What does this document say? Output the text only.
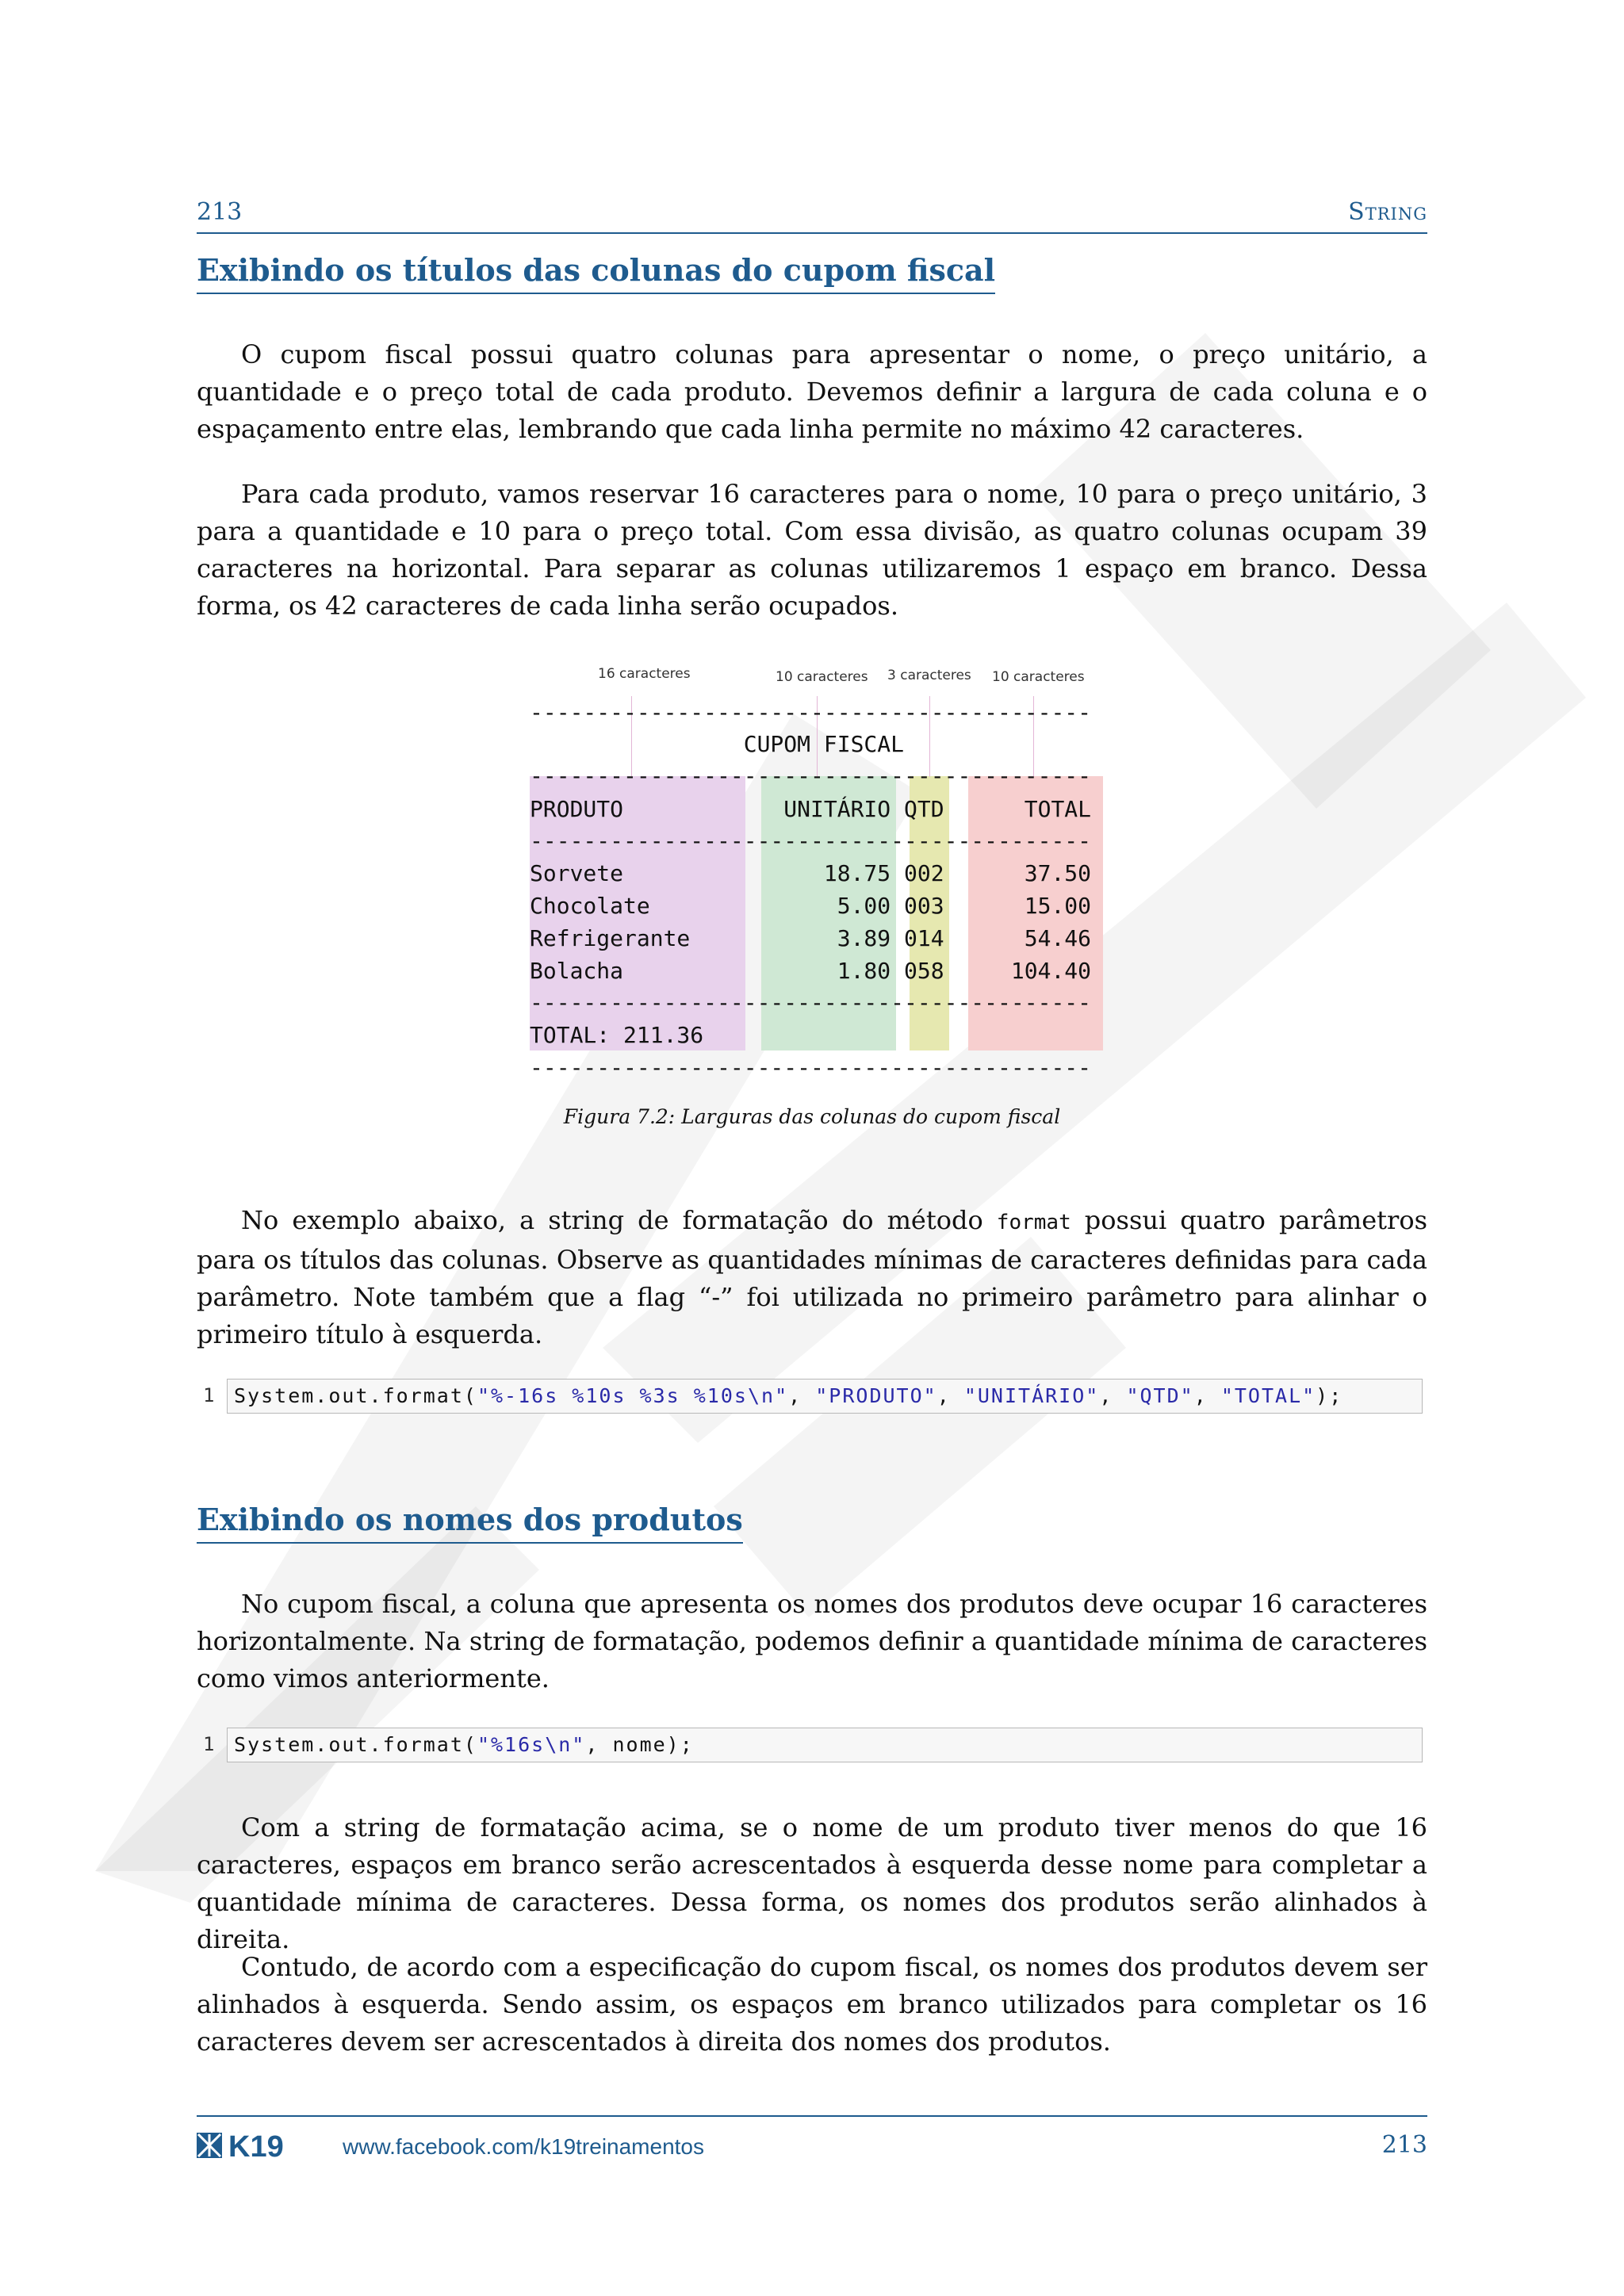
213	String
Exibindo os títulos das colunas do cupom fiscal
O cupom fiscal possui quatro colunas para apresentar o nome, o preço unitário, a quantidade e o preço total de cada produto. Devemos definir a largura de cada coluna e o espaçamento entre elas, lembrando que cada linha permite no máximo 42 caracteres.
Para cada produto, vamos reservar 16 caracteres para o nome, 10 para o preço unitário, 3 para a quantidade e 10 para o preço total. Com essa divisão, as quatro colunas ocupam 39 caracteres na horizontal. Para separar as colunas utilizaremos 1 espaço em branco. Dessa forma, os 42 caracteres de cada linha serão ocupados.
16 caracteres	10 caracteres 3 caracteres 10 caracteres
------------------------------------------
CUPOM FISCAL
------------------------------------------
PRODUTO            UNITÁRIO QTD      TOTAL
------------------------------------------
Sorvete               18.75 002      37.50
Chocolate              5.00 003      15.00
Refrigerante           3.89 014      54.46
Bolacha                1.80 058     104.40
------------------------------------------
TOTAL: 211.36
------------------------------------------
Figura 7.2: Larguras das colunas do cupom fiscal
No exemplo abaixo, a string de formatação do método format possui quatro parâmetros para os títulos das colunas. Observe as quantidades mínimas de caracteres definidas para cada parâmetro. Note também que a flag “-” foi utilizada no primeiro parâmetro para alinhar o primeiro título à esquerda.
1 System.out.format("%-16s %10s %3s %10s\n", "PRODUTO", "UNITÁRIO", "QTD", "TOTAL");
Exibindo os nomes dos produtos
No cupom fiscal, a coluna que apresenta os nomes dos produtos deve ocupar 16 caracteres horizontalmente. Na string de formatação, podemos definir a quantidade mínima de caracteres como vimos anteriormente.
1 System.out.format("%16s\n", nome);
Com a string de formatação acima, se o nome de um produto tiver menos do que 16 caracteres, espaços em branco serão acrescentados à esquerda desse nome para completar a quantidade mínima de caracteres. Dessa forma, os nomes dos produtos serão alinhados à direita.
Contudo, de acordo com a especificação do cupom fiscal, os nomes dos produtos devem ser alinhados à esquerda. Sendo assim, os espaços em branco utilizados para completar os 16 caracteres devem ser acrescentados à direita dos nomes dos produtos.
K19	www.facebook.com/k19treinamentos	213
